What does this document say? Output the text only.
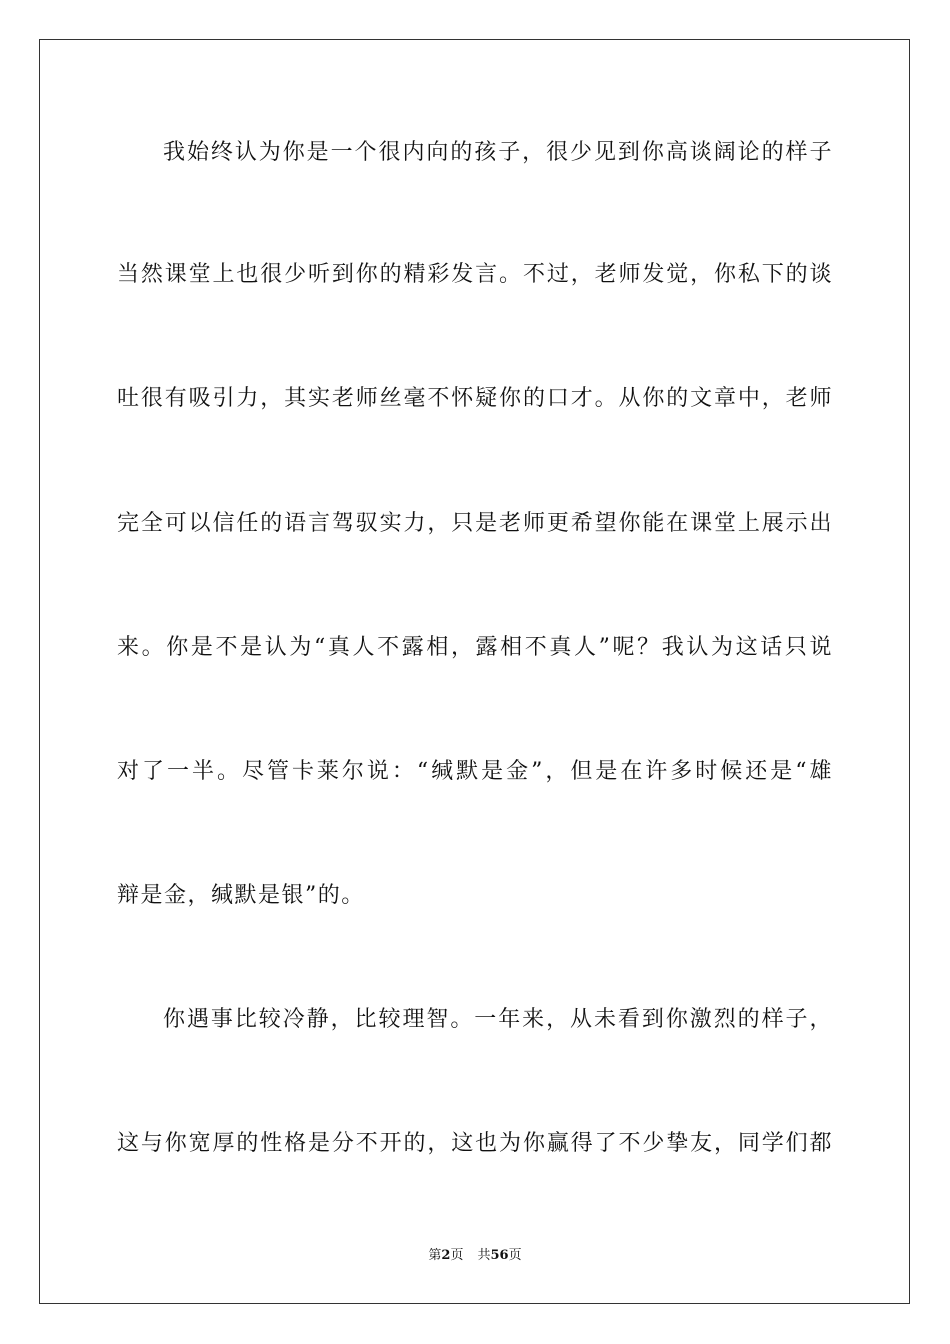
我始终认为你是一个很内向的孩子，很少见到你高谈阔论的样子
当然课堂上也很少听到你的精彩发言。不过，老师发觉，你私下的谈
吐很有吸引力，其实老师丝毫不怀疑你的口才。从你的文章中，老师
完全可以信任的语言驾驭实力，只是老师更希望你能在课堂上展示出
来。你是不是认为“真人不露相，露相不真人”呢？我认为这话只说
对了一半。尽管卡莱尔说：“缄默是金”，但是在许多时候还是“雄
辩是金，缄默是银”的。
你遇事比较冷静，比较理智。一年来，从未看到你激烈的样子，
这与你宽厚的性格是分不开的，这也为你赢得了不少挚友，同学们都
第2页 共56页
